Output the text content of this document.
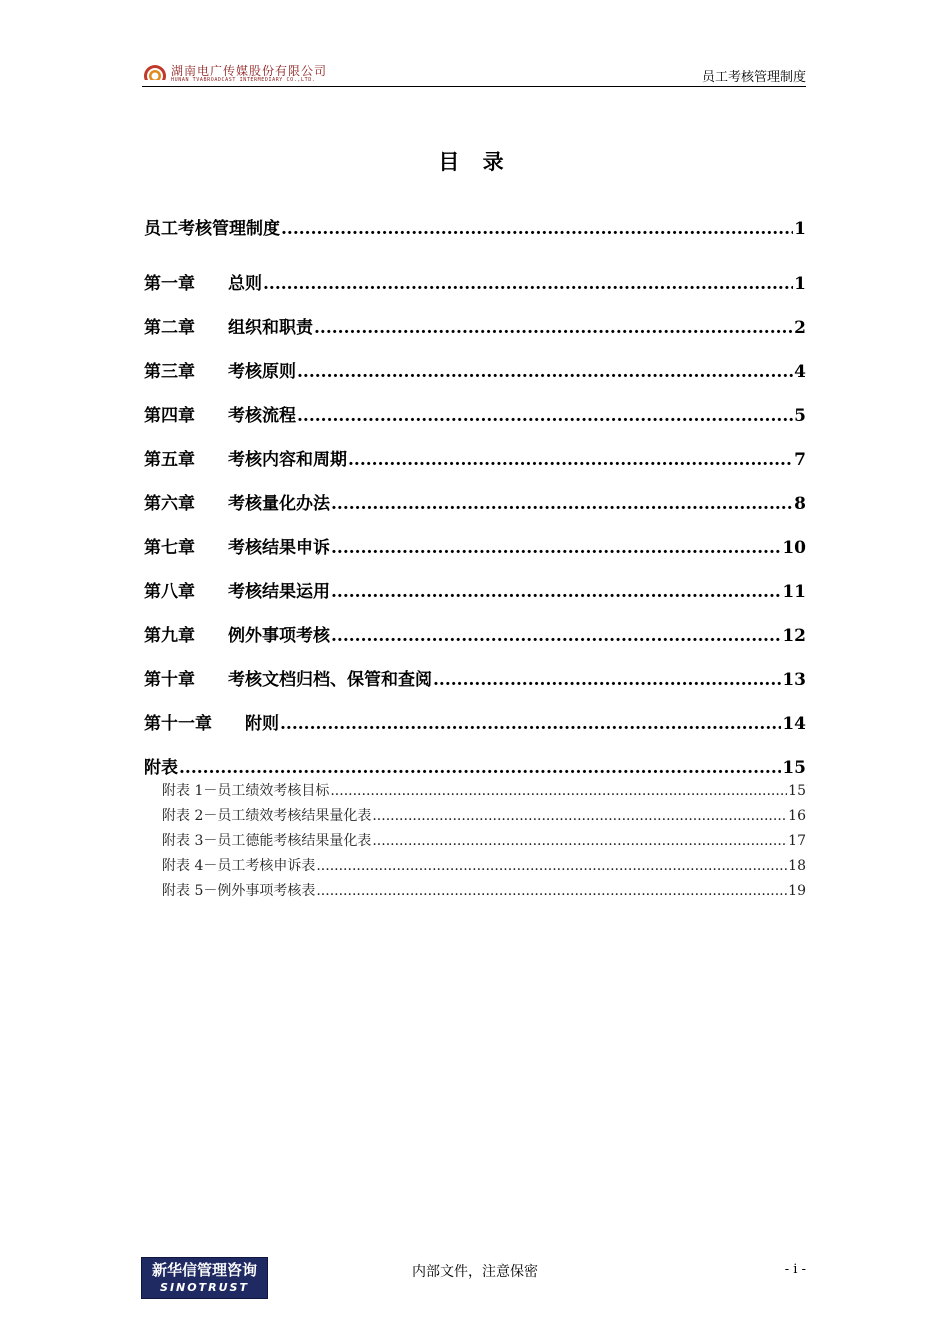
湖南电广传媒股份有限公司
HUNAN TVABROADCAST INTERMEDIARY CO.,LTD.	员工考核管理制度
目 录
员工考核管理制度 .....	1
第一章 总则 .....	1
第二章 组织和职责 .....	2
第三章 考核原则 .....	4
第四章 考核流程 .....	5
第五章 考核内容和周期 .....	7
第六章 考核量化办法 .....	8
第七章 考核结果申诉 .....	10
第八章 考核结果运用 .....	11
第九章 例外事项考核 .....	12
第十章 考核文档归档、保管和查阅 .....	13
第十一章 附则 .....	14
附表 .....	15
附表 1－员工绩效考核目标 .....	15
附表 2－员工绩效考核结果量化表 .....	16
附表 3－员工德能考核结果量化表 .....	17
附表 4－员工考核申诉表 .....	18
附表 5－例外事项考核表 .....	19
新华信管理咨询
SINOTRUST
内部文件，注意保密	- i -
